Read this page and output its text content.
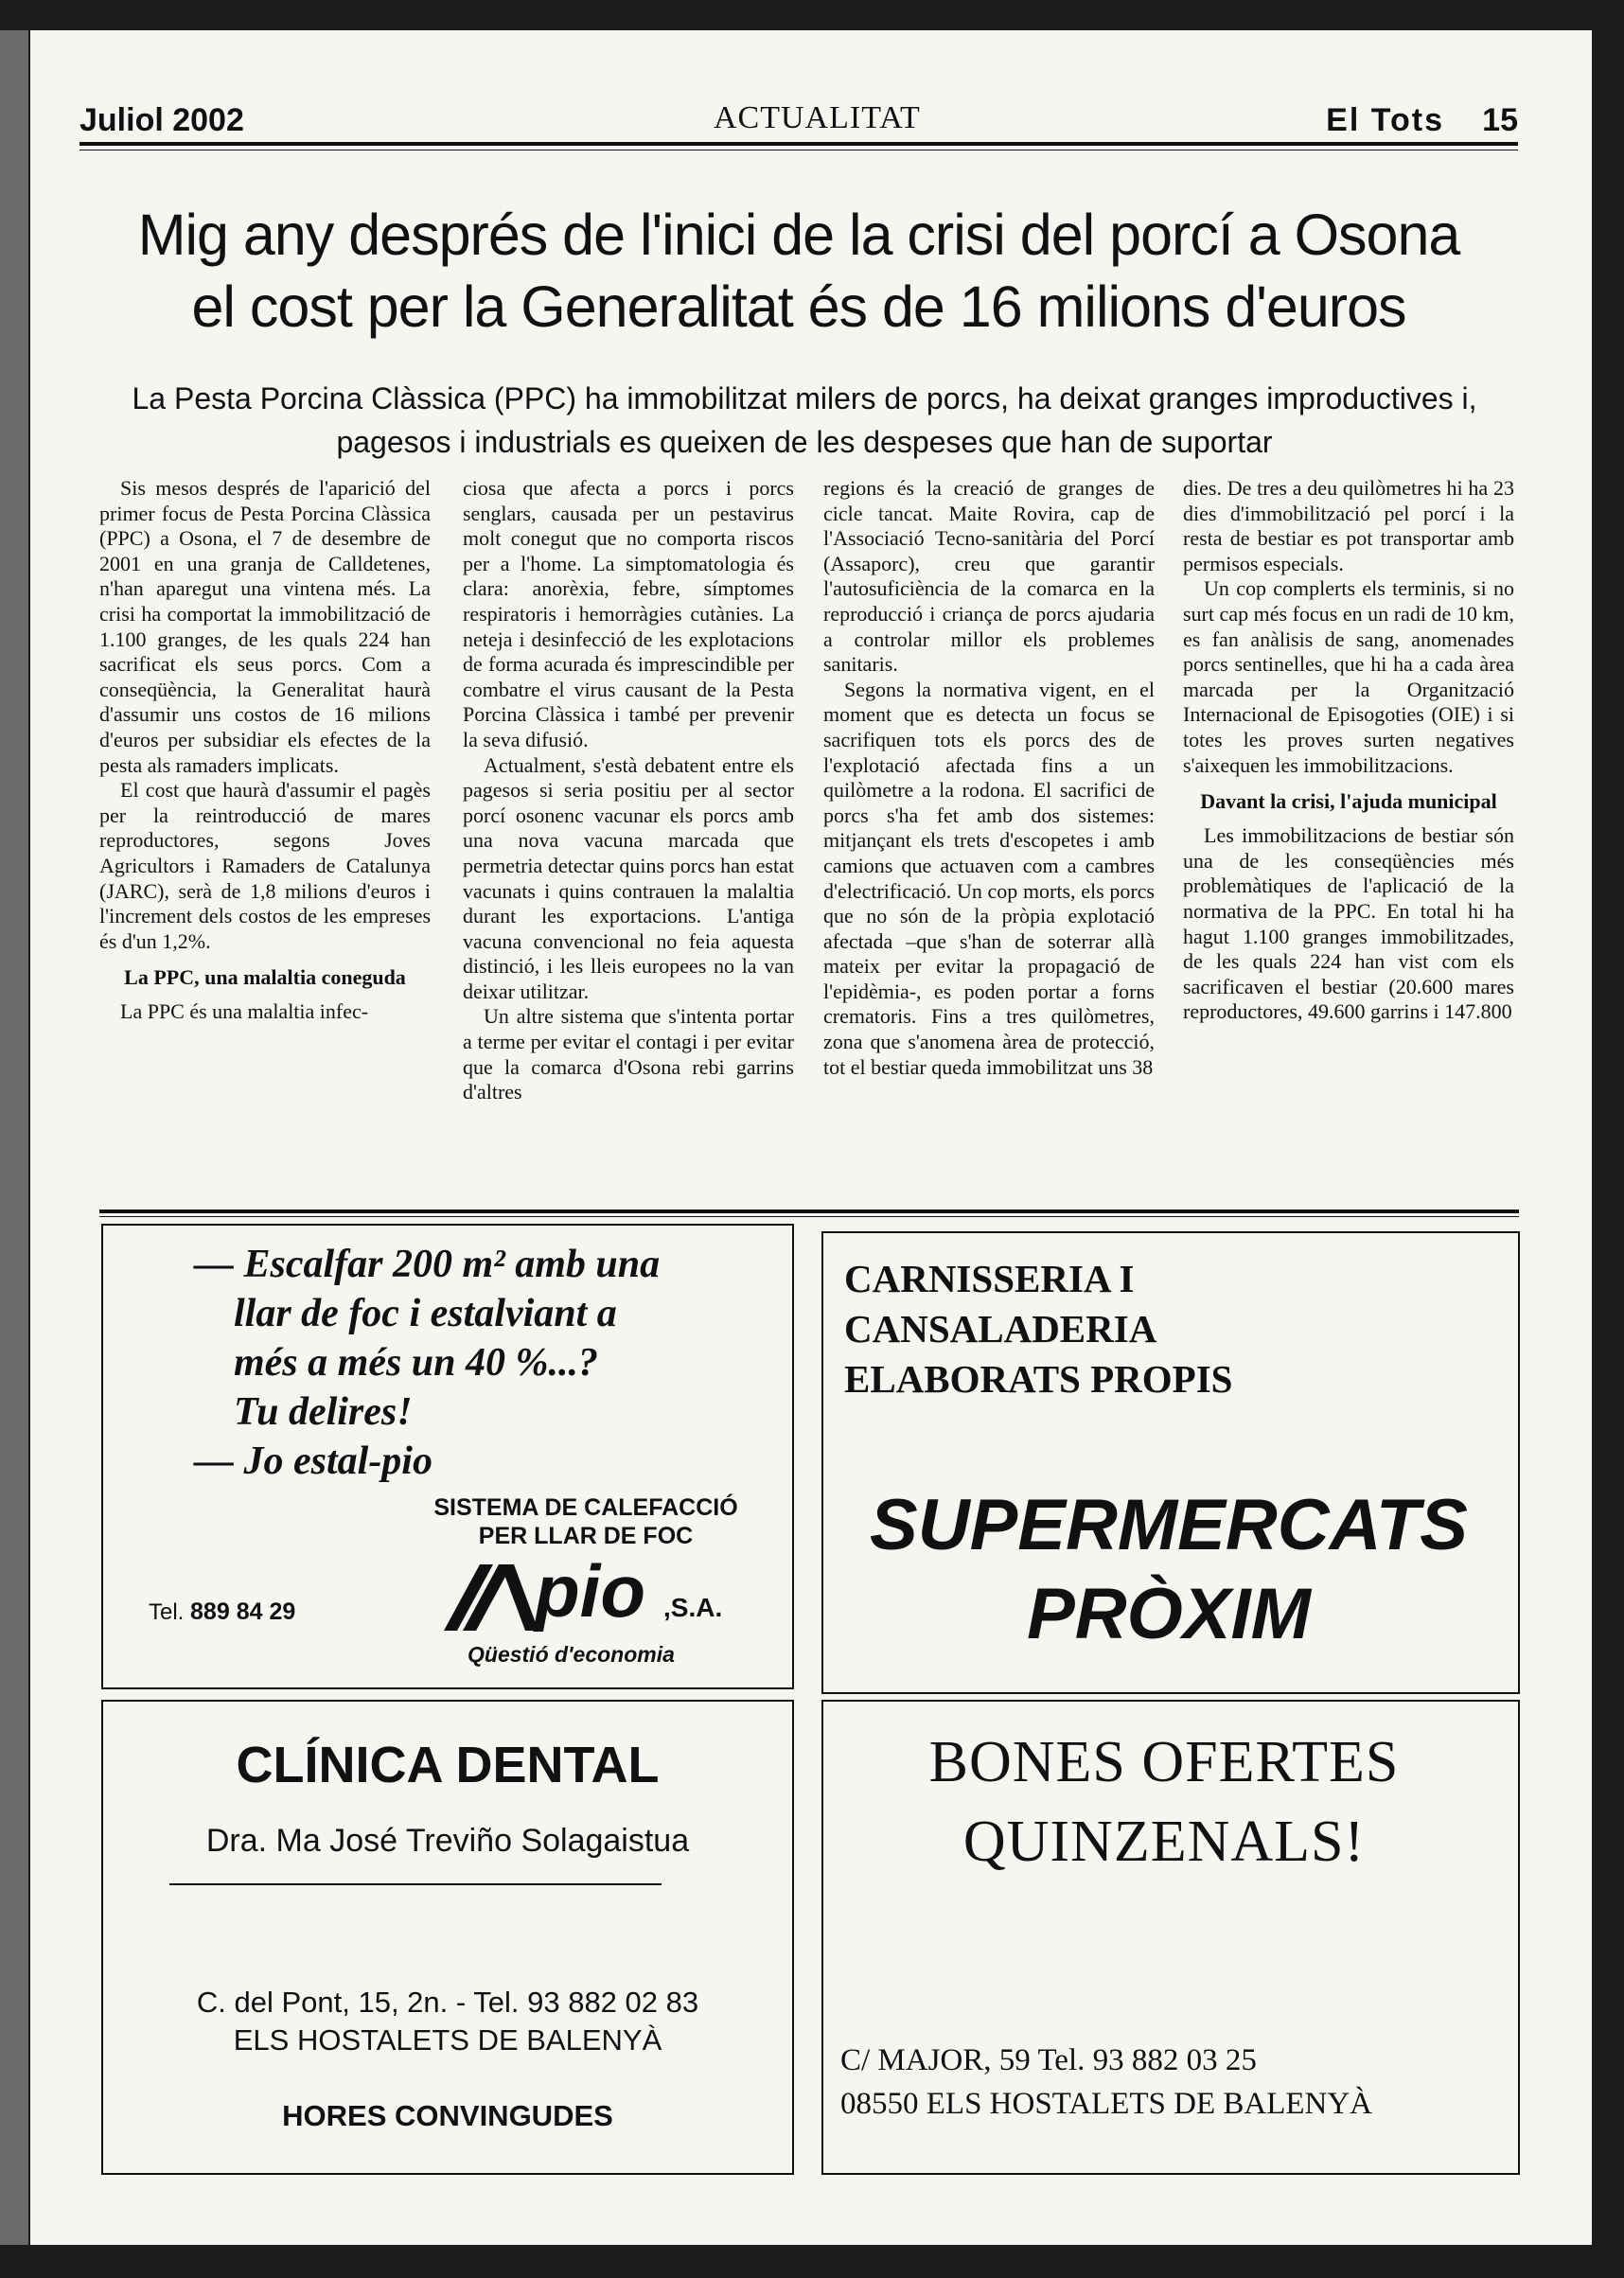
Juliol 2002	ACTUALITAT	El Tots 15
Mig any després de l'inici de la crisi del porcí a Osona
el cost per la Generalitat és de 16 milions d'euros
La Pesta Porcina Clàssica (PPC) ha immobilitzat milers de porcs, ha deixat granges improductives i,
pagesos i industrials es queixen de les despeses que han de suportar

Sis mesos després de l'aparició del primer focus de Pesta Porcina Clàssica (PPC) a Osona, el 7 de desembre de 2001 en una granja de Calldetenes, n'han aparegut una vintena més. La crisi ha comportat la immobilització de 1.100 granges, de les quals 224 han sacrificat els seus porcs. Com a conseqüència, la Generalitat haurà d'assumir uns costos de 16 milions d'euros per subsidiar els efectes de la pesta als ramaders implicats.

El cost que haurà d'assumir el pagès per la reintroducció de mares reproductores, segons Joves Agricultors i Ramaders de Catalunya (JARC), serà de 1,8 milions d'euros i l'increment dels costos de les empreses és d'un 1,2%.

La PPC, una malaltia coneguda

La PPC és una malaltia infec-

ciosa que afecta a porcs i porcs senglars, causada per un pestavirus molt conegut que no comporta riscos per a l'home. La simptomatologia és clara: anorèxia, febre, símptomes respiratoris i hemorràgies cutànies. La neteja i desinfecció de les explotacions de forma acurada és imprescindible per combatre el virus causant de la Pesta Porcina Clàssica i també per prevenir la seva difusió.

Actualment, s'està debatent entre els pagesos si seria positiu per al sector porcí osonenc vacunar els porcs amb una nova vacuna marcada que permetria detectar quins porcs han estat vacunats i quins contrauen la malaltia durant les exportacions. L'antiga vacuna convencional no feia aquesta distinció, i les lleis europees no la van deixar utilitzar.

Un altre sistema que s'intenta portar a terme per evitar el contagi i per evitar que la comarca d'Osona rebi garrins d'altres

regions és la creació de granges de cicle tancat. Maite Rovira, cap de l'Associació Tecno-sanitària del Porcí (Assaporc), creu que garantir l'autosuficiència de la comarca en la reproducció i criança de porcs ajudaria a controlar millor els problemes sanitaris.

Segons la normativa vigent, en el moment que es detecta un focus se sacrifiquen tots els porcs des de l'explotació afectada fins a un quilòmetre a la rodona. El sacrifici de porcs s'ha fet amb dos sistemes: mitjançant els trets d'escopetes i amb camions que actuaven com a cambres d'electrificació. Un cop morts, els porcs que no són de la pròpia explotació afectada –que s'han de soterrar allà mateix per evitar la propagació de l'epidèmia-, es poden portar a forns crematoris. Fins a tres quilòmetres, zona que s'anomena àrea de protecció, tot el bestiar queda immobilitzat uns 38

dies. De tres a deu quilòmetres hi ha 23 dies d'immobilització pel porcí i la resta de bestiar es pot transportar amb permisos especials.

Un cop complerts els terminis, si no surt cap més focus en un radi de 10 km, es fan anàlisis de sang, anomenades porcs sentinelles, que hi ha a cada àrea marcada per la Organització Internacional de Episogoties (OIE) i si totes les proves surten negatives s'aixequen les immobilitzacions.

Davant la crisi, l'ajuda municipal

Les immobilitzacions de bestiar són una de les conseqüències més problemàtiques de l'aplicació de la normativa de la PPC. En total hi ha hagut 1.100 granges immobilitzades, de les quals 224 han vist com els sacrificaven el bestiar (20.600 mares reproductores, 49.600 garrins i 147.800

— Escalfar 200 m² amb una
llar de foc i estalviant a
més a més un 40 %...?
Tu delires!
— Jo estal-pio
SISTEMA DE CALEFACCIÓ
PER LLAR DE FOC
Tel. 889 84 29	pio ,S.A.
Qüestió d'economia
CARNISSERIA I
CANSALADERIA
ELABORATS PROPIS
SUPERMERCATS
PRÒXIM
CLÍNICA DENTAL
Dra. Ma José Treviño Solagaistua
C. del Pont, 15, 2n. - Tel. 93 882 02 83
ELS HOSTALETS DE BALENYÀ
HORES CONVINGUDES
BONES OFERTES
QUINZENALS!
C/ MAJOR, 59 Tel. 93 882 03 25
08550 ELS HOSTALETS DE BALENYÀ
